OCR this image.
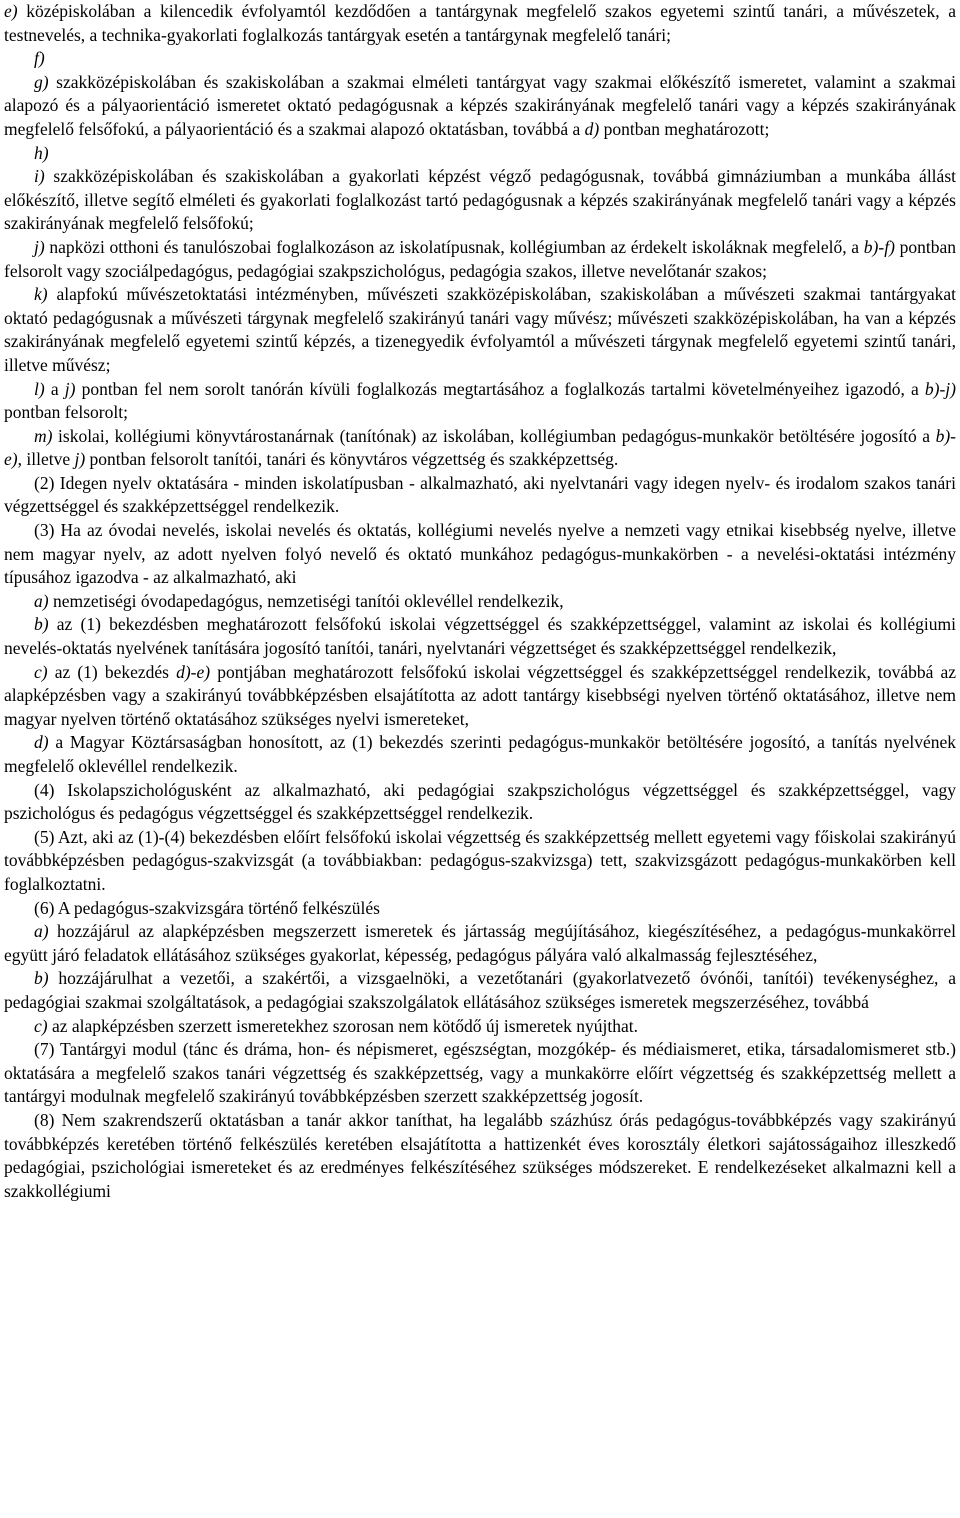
e) középiskolában a kilencedik évfolyamtól kezdődően a tantárgynak megfelelő szakos egyetemi szintű tanári, a művészetek, a testnevelés, a technika-gyakorlati foglalkozás tantárgyak esetén a tantárgynak megfelelő tanári;

f)

g) szakközépiskolában és szakiskolában a szakmai elméleti tantárgyat vagy szakmai előkészítő ismeretet, valamint a szakmai alapozó és a pályaorientáció ismeretet oktató pedagógusnak a képzés szakirányának megfelelő tanári vagy a képzés szakirányának megfelelő felsőfokú, a pályaorientáció és a szakmai alapozó oktatásban, továbbá a d) pontban meghatározott;

h)

i) szakközépiskolában és szakiskolában a gyakorlati képzést végző pedagógusnak, továbbá gimnáziumban a munkába állást előkészítő, illetve segítő elméleti és gyakorlati foglalkozást tartó pedagógusnak a képzés szakirányának megfelelő tanári vagy a képzés szakirányának megfelelő felsőfokú;

j) napközi otthoni és tanulószobai foglalkozáson az iskolatípusnak, kollégiumban az érdekelt iskoláknak megfelelő, a b)-f) pontban felsorolt vagy szociálpedagógus, pedagógiai szakpszichológus, pedagógia szakos, illetve nevelőtanár szakos;

k) alapfokú művészetoktatási intézményben, művészeti szakközépiskolában, szakiskolában a művészeti szakmai tantárgyakat oktató pedagógusnak a művészeti tárgynak megfelelő szakirányú tanári vagy művész; művészeti szakközépiskolában, ha van a képzés szakirányának megfelelő egyetemi szintű képzés, a tizenegyedik évfolyamtól a művészeti tárgynak megfelelő egyetemi szintű tanári, illetve művész;

l) a j) pontban fel nem sorolt tanórán kívüli foglalkozás megtartásához a foglalkozás tartalmi követelményeihez igazodó, a b)-j) pontban felsorolt;

m) iskolai, kollégiumi könyvtárostanárnak (tanítónak) az iskolában, kollégiumban pedagógus-munkakör betöltésére jogosító a b)-e), illetve j) pontban felsorolt tanítói, tanári és könyvtáros végzettség és szakképzettség.

(2) Idegen nyelv oktatására - minden iskolatípusban - alkalmazható, aki nyelvtanári vagy idegen nyelv- és irodalom szakos tanári végzettséggel és szakképzettséggel rendelkezik.

(3) Ha az óvodai nevelés, iskolai nevelés és oktatás, kollégiumi nevelés nyelve a nemzeti vagy etnikai kisebbség nyelve, illetve nem magyar nyelv, az adott nyelven folyó nevelő és oktató munkához pedagógus-munkakörben - a nevelési-oktatási intézmény típusához igazodva - az alkalmazható, aki

a) nemzetiségi óvodapedagógus, nemzetiségi tanítói oklevéllel rendelkezik,

b) az (1) bekezdésben meghatározott felsőfokú iskolai végzettséggel és szakképzettséggel, valamint az iskolai és kollégiumi nevelés-oktatás nyelvének tanítására jogosító tanítói, tanári, nyelvtanári végzettséget és szakképzettséggel rendelkezik,

c) az (1) bekezdés d)-e) pontjában meghatározott felsőfokú iskolai végzettséggel és szakképzettséggel rendelkezik, továbbá az alapképzésben vagy a szakirányú továbbképzésben elsajátította az adott tantárgy kisebbségi nyelven történő oktatásához, illetve nem magyar nyelven történő oktatásához szükséges nyelvi ismereteket,

d) a Magyar Köztársaságban honosított, az (1) bekezdés szerinti pedagógus-munkakör betöltésére jogosító, a tanítás nyelvének megfelelő oklevéllel rendelkezik.

(4) Iskolapszichológusként az alkalmazható, aki pedagógiai szakpszichológus végzettséggel és szakképzettséggel, vagy pszichológus és pedagógus végzettséggel és szakképzettséggel rendelkezik.

(5) Azt, aki az (1)-(4) bekezdésben előírt felsőfokú iskolai végzettség és szakképzettség mellett egyetemi vagy főiskolai szakirányú továbbképzésben pedagógus-szakvizsgát (a továbbiakban: pedagógus-szakvizsga) tett, szakvizsgázott pedagógus-munkakörben kell foglalkoztatni.

(6) A pedagógus-szakvizsgára történő felkészülés

a) hozzájárul az alapképzésben megszerzett ismeretek és jártasság megújításához, kiegészítéséhez, a pedagógus-munkakörrel együtt járó feladatok ellátásához szükséges gyakorlat, képesség, pedagógus pályára való alkalmasság fejlesztéséhez,

b) hozzájárulhat a vezetői, a szakértői, a vizsgaelnöki, a vezetőtanári (gyakorlatvezető óvónői, tanítói) tevékenységhez, a pedagógiai szakmai szolgáltatások, a pedagógiai szakszolgálatok ellátásához szükséges ismeretek megszerzéséhez, továbbá

c) az alapképzésben szerzett ismeretekhez szorosan nem kötődő új ismeretek nyújthat.

(7) Tantárgyi modul (tánc és dráma, hon- és népismeret, egészségtan, mozgókép- és médiaismeret, etika, társadalomismeret stb.) oktatására a megfelelő szakos tanári végzettség és szakképzettség, vagy a munkakörre előírt végzettség és szakképzettség mellett a tantárgyi modulnak megfelelő szakirányú továbbképzésben szerzett szakképzettség jogosít.

(8) Nem szakrendszerű oktatásban a tanár akkor taníthat, ha legalább százhúsz órás pedagógus-továbbképzés vagy szakirányú továbbképzés keretében történő felkészülés keretében elsajátította a hattizenkét éves korosztály életkori sajátosságaihoz illeszkedő pedagógiai, pszichológiai ismereteket és az eredményes felkészítéséhez szükséges módszereket. E rendelkezéseket alkalmazni kell a szakkollégiumi
